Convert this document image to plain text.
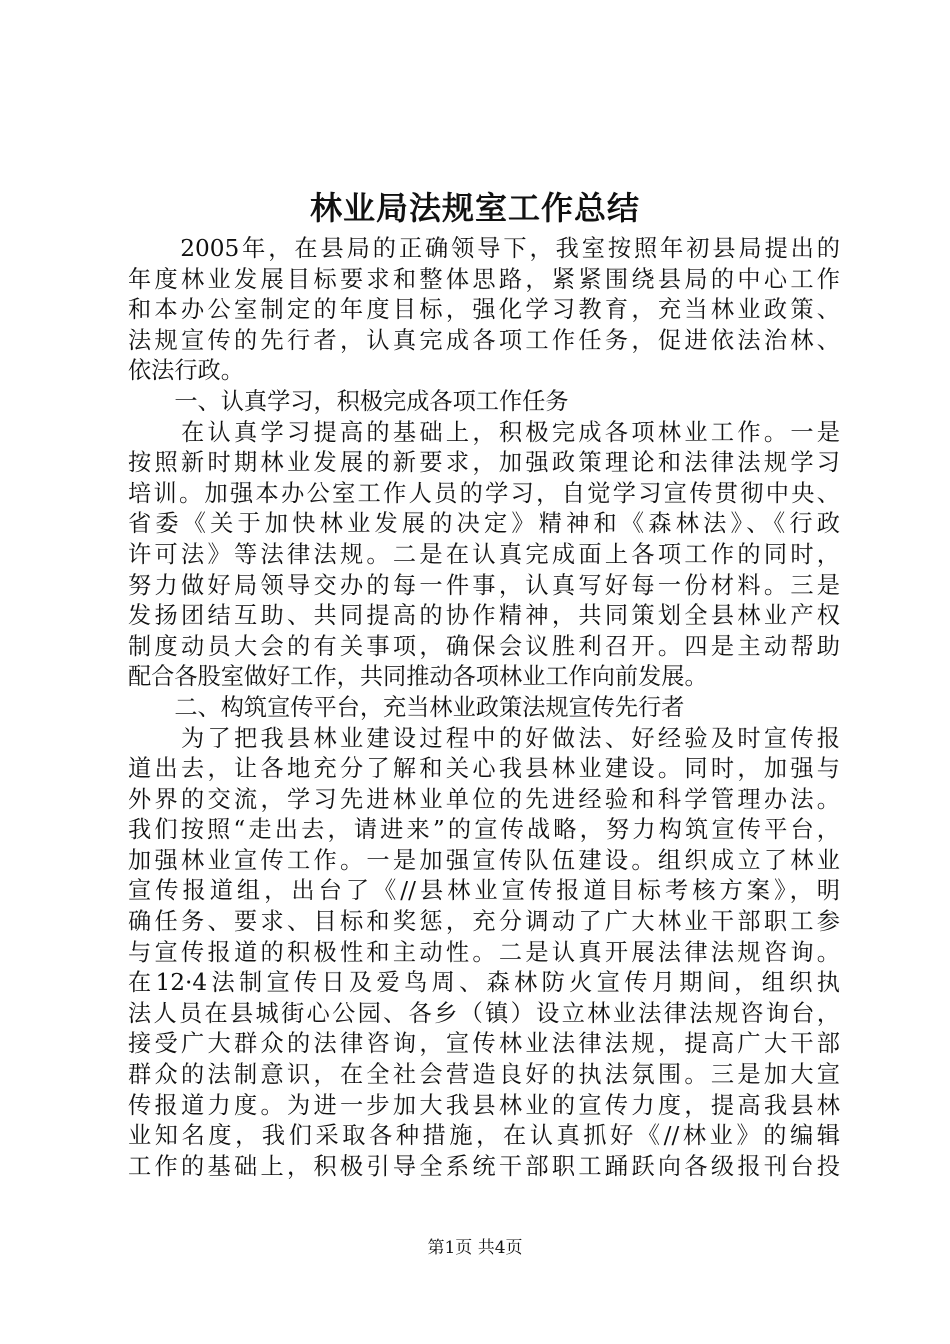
林业局法规室工作总结
　　2005年，在县局的正确领导下，我室按照年初县局提出的
年度林业发展目标要求和整体思路，紧紧围绕县局的中心工作
和本办公室制定的年度目标，强化学习教育，充当林业政策、
法规宣传的先行者，认真完成各项工作任务，促进依法治林、
依法行政。
　　一、认真学习，积极完成各项工作任务
　　在认真学习提高的基础上，积极完成各项林业工作。一是
按照新时期林业发展的新要求，加强政策理论和法律法规学习
培训。加强本办公室工作人员的学习，自觉学习宣传贯彻中央、
省委《关于加快林业发展的决定》精神和《森林法》、《行政
许可法》等法律法规。二是在认真完成面上各项工作的同时，
努力做好局领导交办的每一件事，认真写好每一份材料。三是
发扬团结互助、共同提高的协作精神，共同策划全县林业产权
制度动员大会的有关事项，确保会议胜利召开。四是主动帮助
配合各股室做好工作，共同推动各项林业工作向前发展。
　　二、构筑宣传平台，充当林业政策法规宣传先行者
　　为了把我县林业建设过程中的好做法、好经验及时宣传报
道出去，让各地充分了解和关心我县林业建设。同时，加强与
外界的交流，学习先进林业单位的先进经验和科学管理办法。
我们按照“走出去，请进来”的宣传战略，努力构筑宣传平台，
加强林业宣传工作。一是加强宣传队伍建设。组织成立了林业
宣传报道组，出台了《//县林业宣传报道目标考核方案》，明
确任务、要求、目标和奖惩，充分调动了广大林业干部职工参
与宣传报道的积极性和主动性。二是认真开展法律法规咨询。
在12·4法制宣传日及爱鸟周、森林防火宣传月期间，组织执
法人员在县城街心公园、各乡（镇）设立林业法律法规咨询台，
接受广大群众的法律咨询，宣传林业法律法规，提高广大干部
群众的法制意识，在全社会营造良好的执法氛围。三是加大宣
传报道力度。为进一步加大我县林业的宣传力度，提高我县林
业知名度，我们采取各种措施，在认真抓好《//林业》的编辑
工作的基础上，积极引导全系统干部职工踊跃向各级报刊台投
第1页 共4页
